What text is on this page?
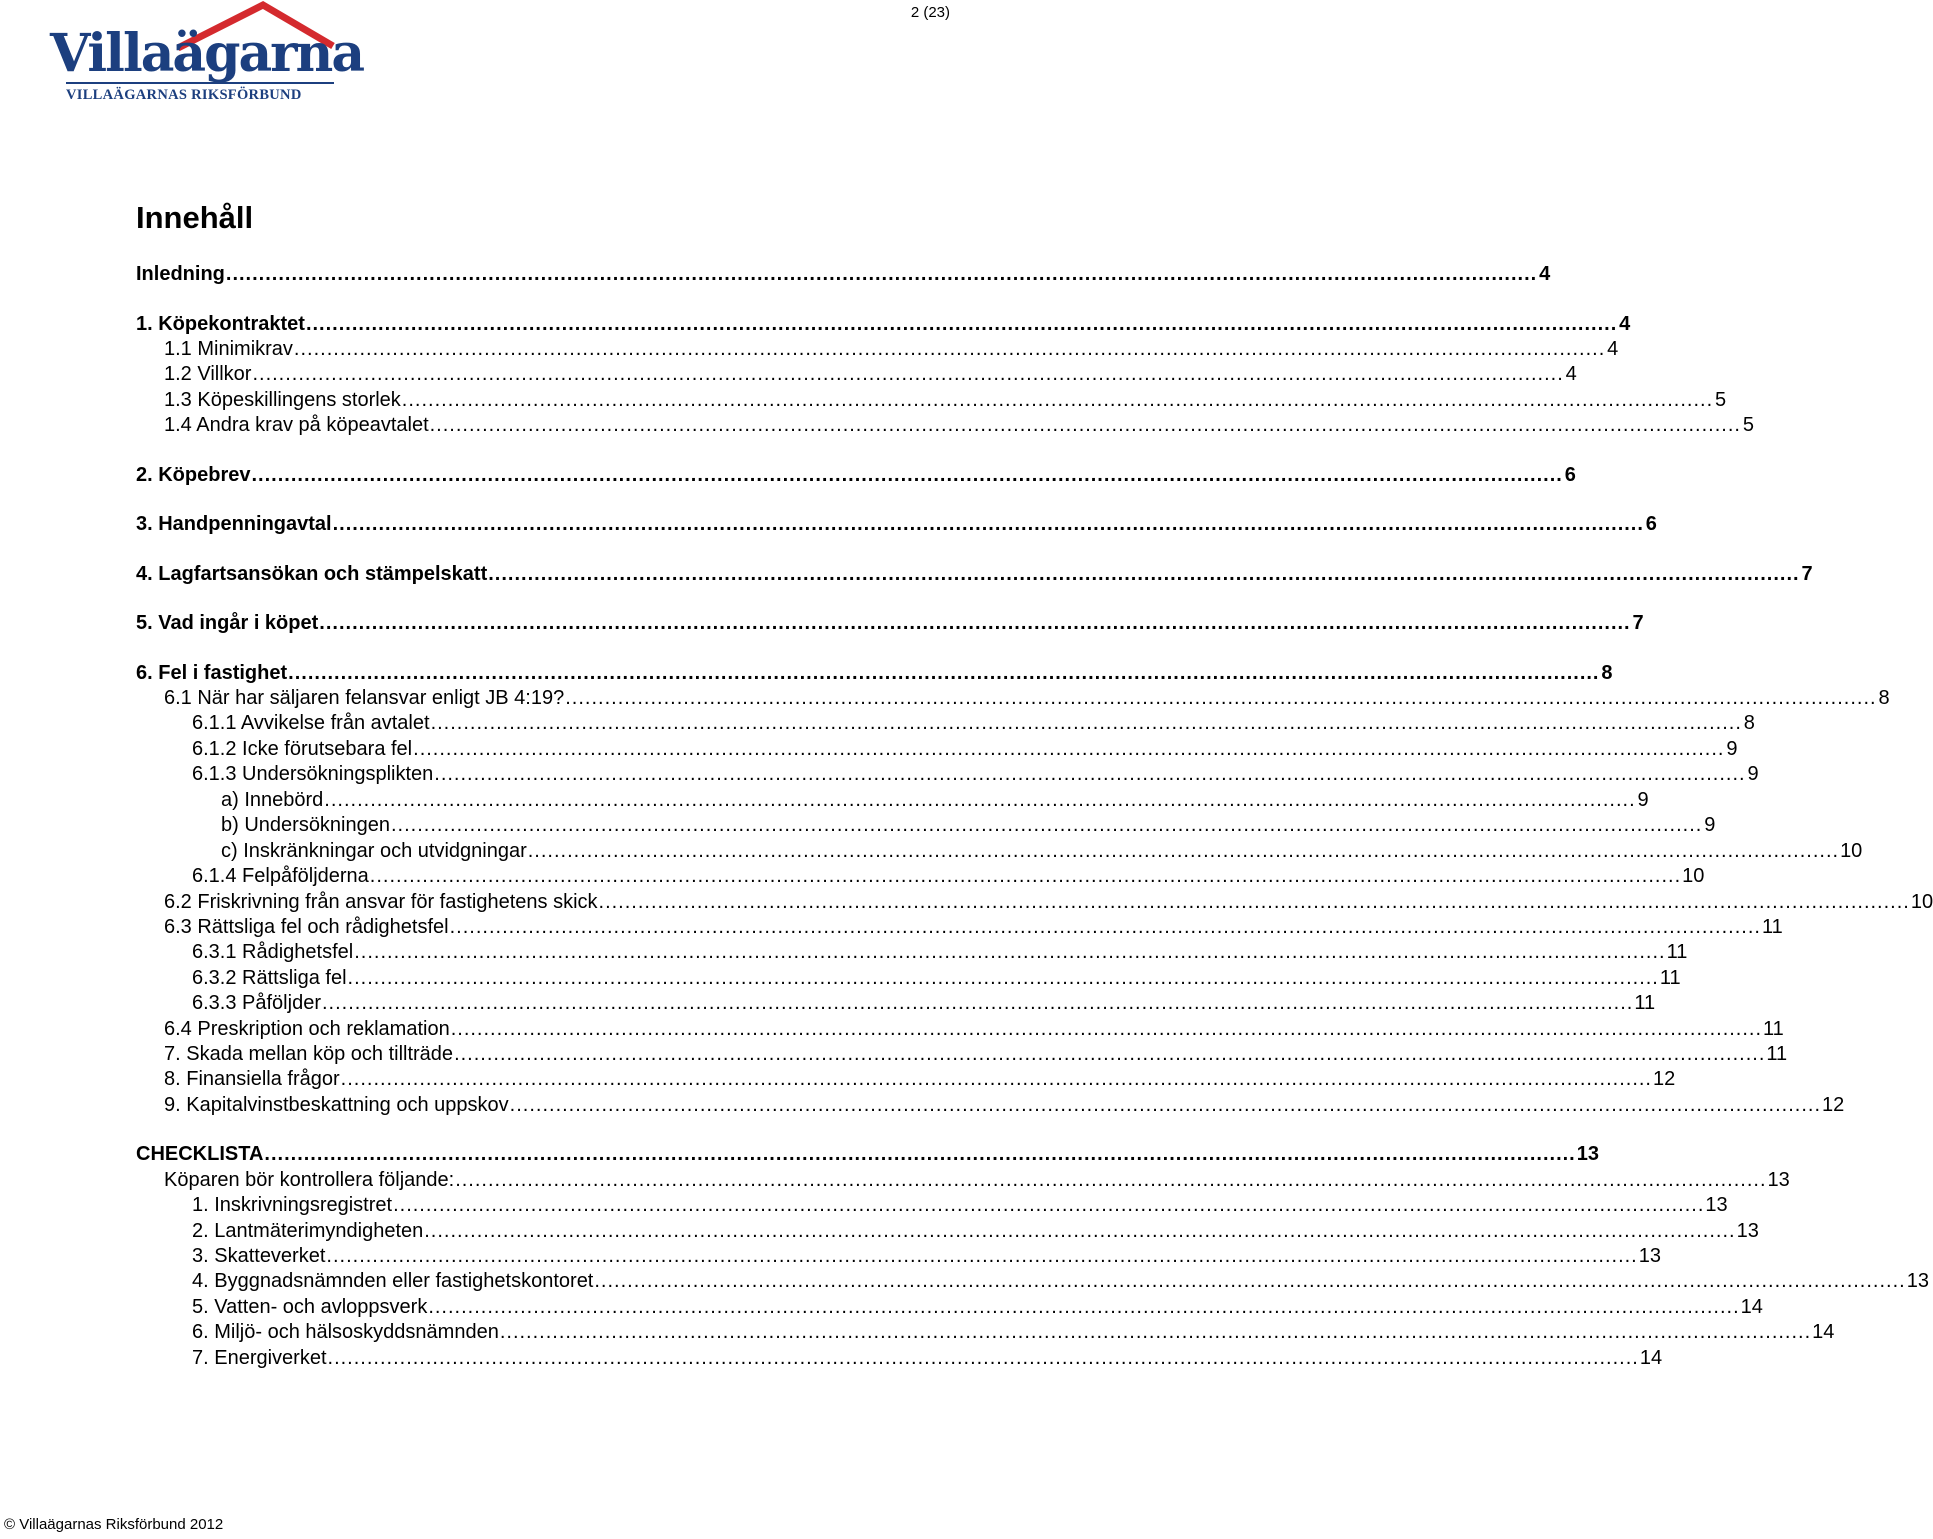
2 (23)
Villaägarna
VILLAÄGARNAS RIKSFÖRBUND
Innehåll
Inledning ........................................................................................................................................................................................................ 4
1. Köpekontraktet ........................................................................................................................................................................................................ 4
1.1 Minimikrav ........................................................................................................................................................................................................ 4
1.2 Villkor ........................................................................................................................................................................................................ 4
1.3 Köpeskillingens storlek ........................................................................................................................................................................................................ 5
1.4 Andra krav på köpeavtalet ........................................................................................................................................................................................................ 5
2. Köpebrev ........................................................................................................................................................................................................ 6
3. Handpenningavtal ........................................................................................................................................................................................................ 6
4. Lagfartsansökan och stämpelskatt ........................................................................................................................................................................................................ 7
5. Vad ingår i köpet ........................................................................................................................................................................................................ 7
6. Fel i fastighet ........................................................................................................................................................................................................ 8
6.1 När har säljaren felansvar enligt JB 4:19? ........................................................................................................................................................................................................ 8
6.1.1 Avvikelse från avtalet ........................................................................................................................................................................................................ 8
6.1.2 Icke förutsebara fel ........................................................................................................................................................................................................ 9
6.1.3 Undersökningsplikten ........................................................................................................................................................................................................ 9
a) Innebörd ........................................................................................................................................................................................................ 9
b) Undersökningen ........................................................................................................................................................................................................ 9
c) Inskränkningar och utvidgningar ........................................................................................................................................................................................................ 10
6.1.4 Felpåföljderna ........................................................................................................................................................................................................ 10
6.2 Friskrivning från ansvar för fastighetens skick ........................................................................................................................................................................................................ 10
6.3 Rättsliga fel och rådighetsfel ........................................................................................................................................................................................................ 11
6.3.1 Rådighetsfel ........................................................................................................................................................................................................ 11
6.3.2 Rättsliga fel ........................................................................................................................................................................................................ 11
6.3.3 Påföljder ........................................................................................................................................................................................................ 11
6.4 Preskription och reklamation ........................................................................................................................................................................................................ 11
7. Skada mellan köp och tillträde ........................................................................................................................................................................................................ 11
8. Finansiella frågor ........................................................................................................................................................................................................ 12
9. Kapitalvinstbeskattning och uppskov ........................................................................................................................................................................................................ 12
CHECKLISTA ........................................................................................................................................................................................................ 13
Köparen bör kontrollera följande: ........................................................................................................................................................................................................ 13
1. Inskrivningsregistret ........................................................................................................................................................................................................ 13
2. Lantmäterimyndigheten ........................................................................................................................................................................................................ 13
3. Skatteverket ........................................................................................................................................................................................................ 13
4. Byggnadsnämnden eller fastighetskontoret ........................................................................................................................................................................................................ 13
5. Vatten- och avloppsverk ........................................................................................................................................................................................................ 14
6. Miljö- och hälsoskyddsnämnden ........................................................................................................................................................................................................ 14
7. Energiverket ........................................................................................................................................................................................................ 14
© Villaägarnas Riksförbund 2012
